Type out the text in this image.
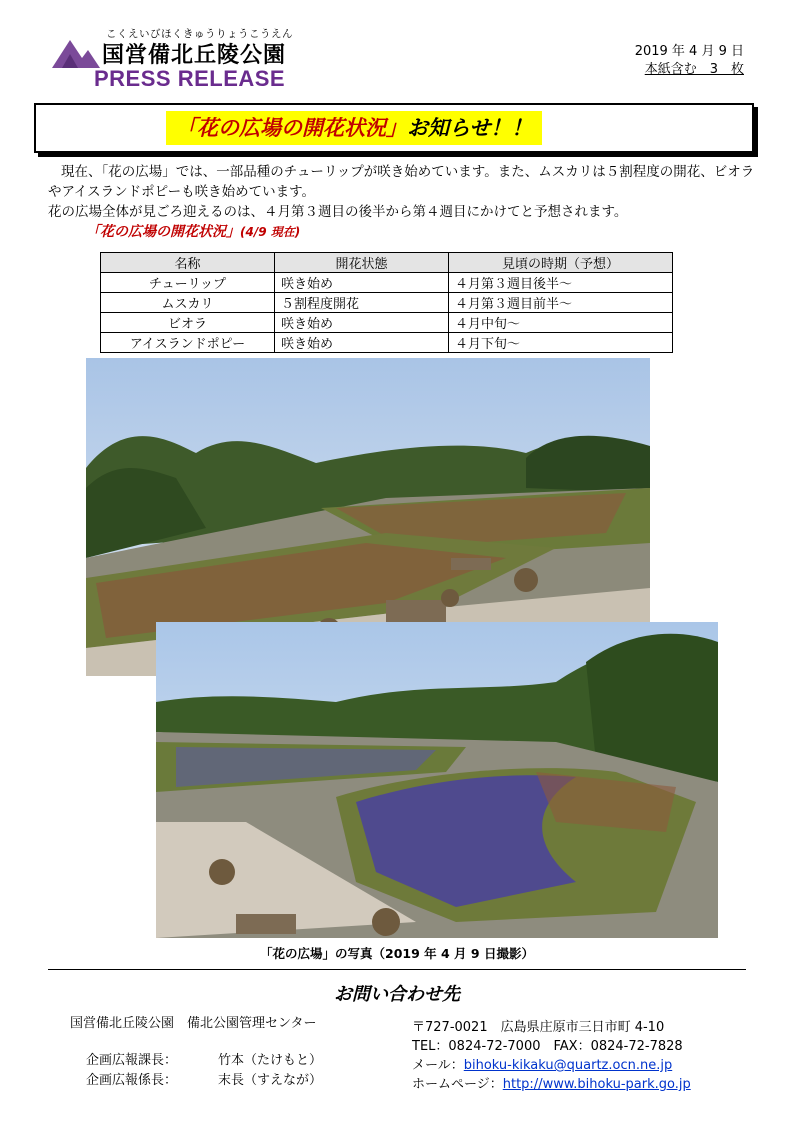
こくえいびほくきゅうりょうこうえん
国営備北丘陵公園
PRESS RELEASE
2019 年 4 月 9 日
本紙含む　3　枚
「花の広場の開花状況」お知らせ！！

現在、「花の広場」では、一部品種のチューリップが咲き始めています。また、ムスカリは５割程度の開花、ビオラやアイスランドポピーも咲き始めています。

花の広場全体が見ごろ迎えるのは、４月第３週目の後半から第４週目にかけてと予想されます。

「花の広場の開花状況」(4/9 現在)
名称	開花状態	見頃の時期（予想）
チューリップ	咲き始め	４月第３週目後半～
ムスカリ	５割程度開花	４月第３週目前半～
ビオラ	咲き始め	４月中旬～
アイスランドポピー	咲き始め	４月下旬～
「花の広場」の写真（2019 年 4 月 9 日撮影）
お問い合わせ先
国営備北丘陵公園　備北公園管理センター
企画広報課長：	竹本（たけもと）
企画広報係長：	末長（すえなが）
〒727-0021　広島県庄原市三日市町 4-10
TEL：0824-72-7000　FAX：0824-72-7828
メール：bihoku-kikaku@quartz.ocn.ne.jp
ホームページ：http://www.bihoku-park.go.jp
